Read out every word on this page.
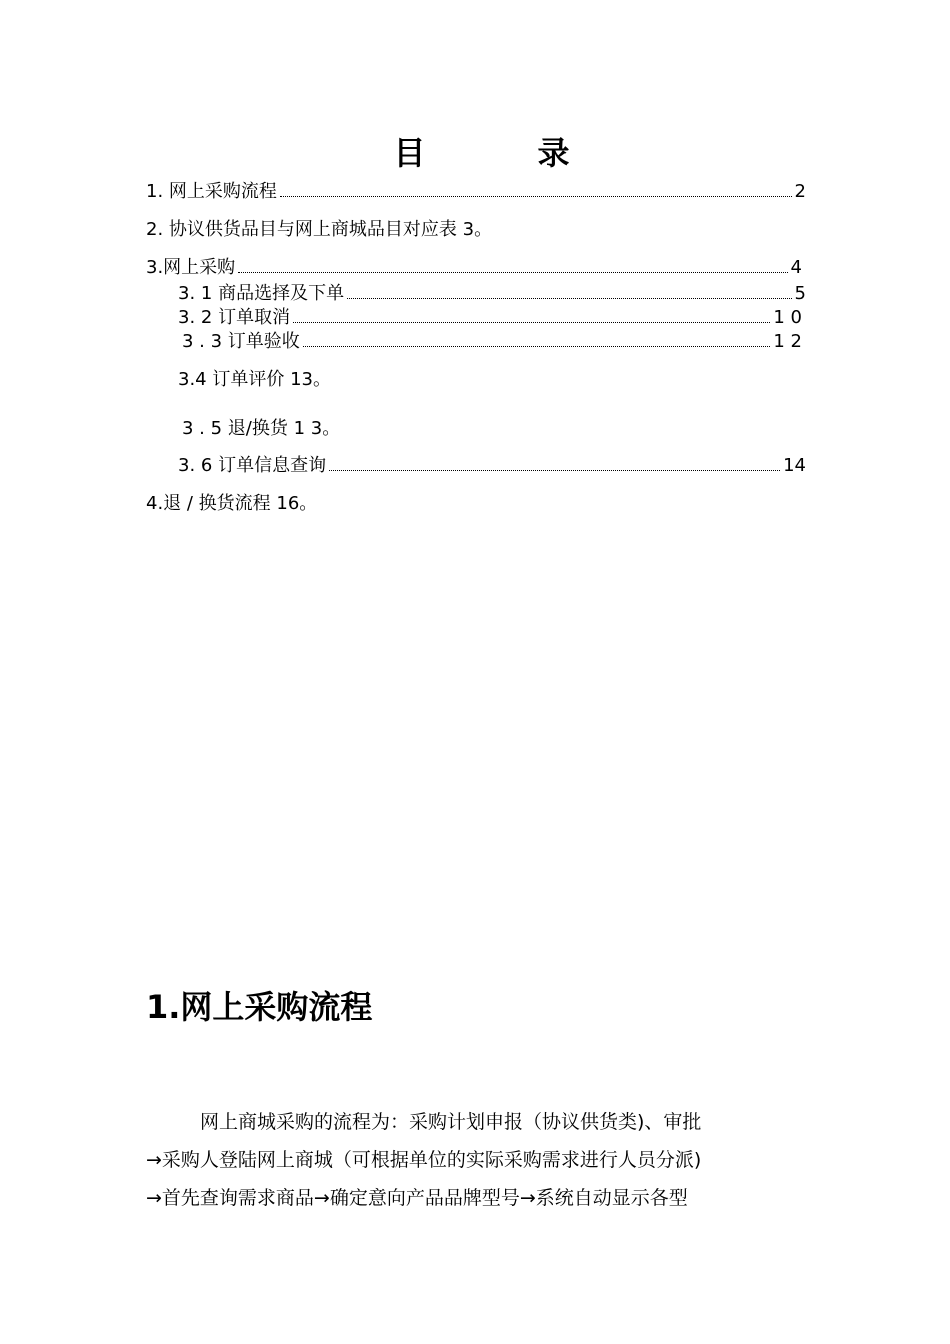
目　录
1. 网上采购流程	2
2. 协议供货品目与网上商城品目对应表 3。
3.网上采购	4
3. 1 商品选择及下单	5
3. 2 订单取消	1 0
3 . 3 订单验收	1 2
3.4 订单评价 13。
3 . 5 退/换货 1 3。
3. 6 订单信息查询	14
4.退 / 换货流程 16。
1.网上采购流程
网上商城采购的流程为：采购计划申报（协议供货类)、审批
→采购人登陆网上商城（可根据单位的实际采购需求进行人员分派)
→首先查询需求商品→确定意向产品品牌型号→系统自动显示各型
